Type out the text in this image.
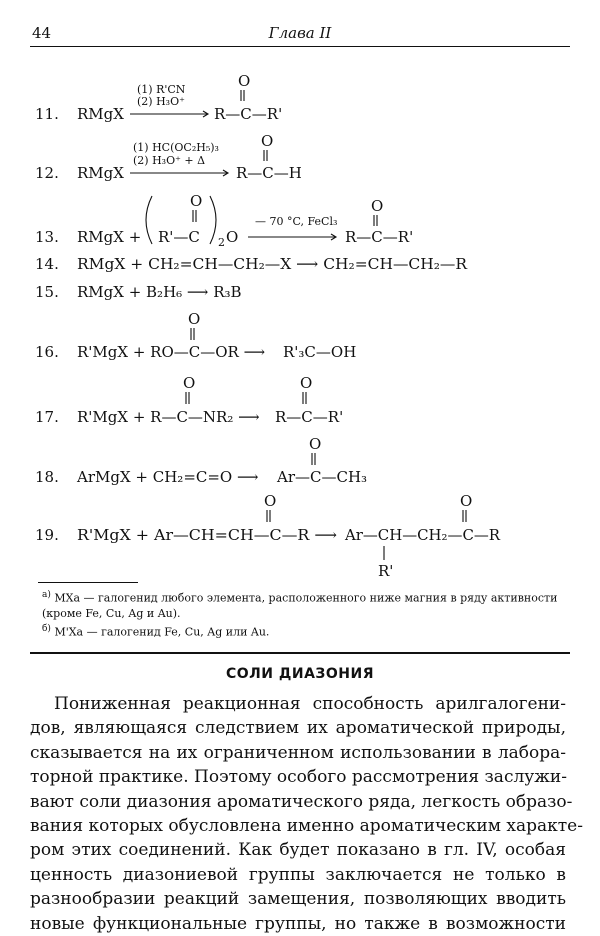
44	Глава II
11. RMgX
(1) R'CN
(2) H₃O⁺
O
R—C—R'
12. RMgX
(1) HC(OC₂H₅)₃
(2) H₃O⁺ + Δ
O
R—C—H
13. RMgX +
O
R'—C 2 O
— 70 °C, FeCl₃
O
R—C—R'
14. RMgX + CH₂=CH—CH₂—X ⟶ CH₂=CH—CH₂—R
15. RMgX + B₂H₆ ⟶ R₃B
16.
O
R'MgX + RO—C—OR ⟶ R'₃C—OH
17.
O
R'MgX + R—C—NR₂ ⟶
O
R—C—R'
18. ArMgX + CH₂=C=O ⟶
O
Ar—C—CH₃
19.
O
R'MgX + Ar—CH=CH—C—R ⟶
O
Ar—CH—CH₂—C—R
R'
$^{а)}$ MXa — галогенид любого элемента, расположенного ниже магния в ряду активности (кроме Fe, Cu, Ag и Au).
$^{б)}$ M'Xa — галогенид Fe, Cu, Ag или Au.
СОЛИ ДИАЗОНИЯ
Пониженная реакционная способность арилгалогени-
дов, являющаяся следствием их ароматической природы,
сказывается на их ограниченном использовании в лабора-
торной практике. Поэтому особого рассмотрения заслужи-
вают соли диазония ароматического ряда, легкость образо-
вания которых обусловлена именно ароматическим характе-
ром этих соединений. Как будет показано в гл. IV, особая
ценность диазониевой группы заключается не только в
разнообразии реакций замещения, позволяющих вводить
новые функциональные группы, но также в возможности
